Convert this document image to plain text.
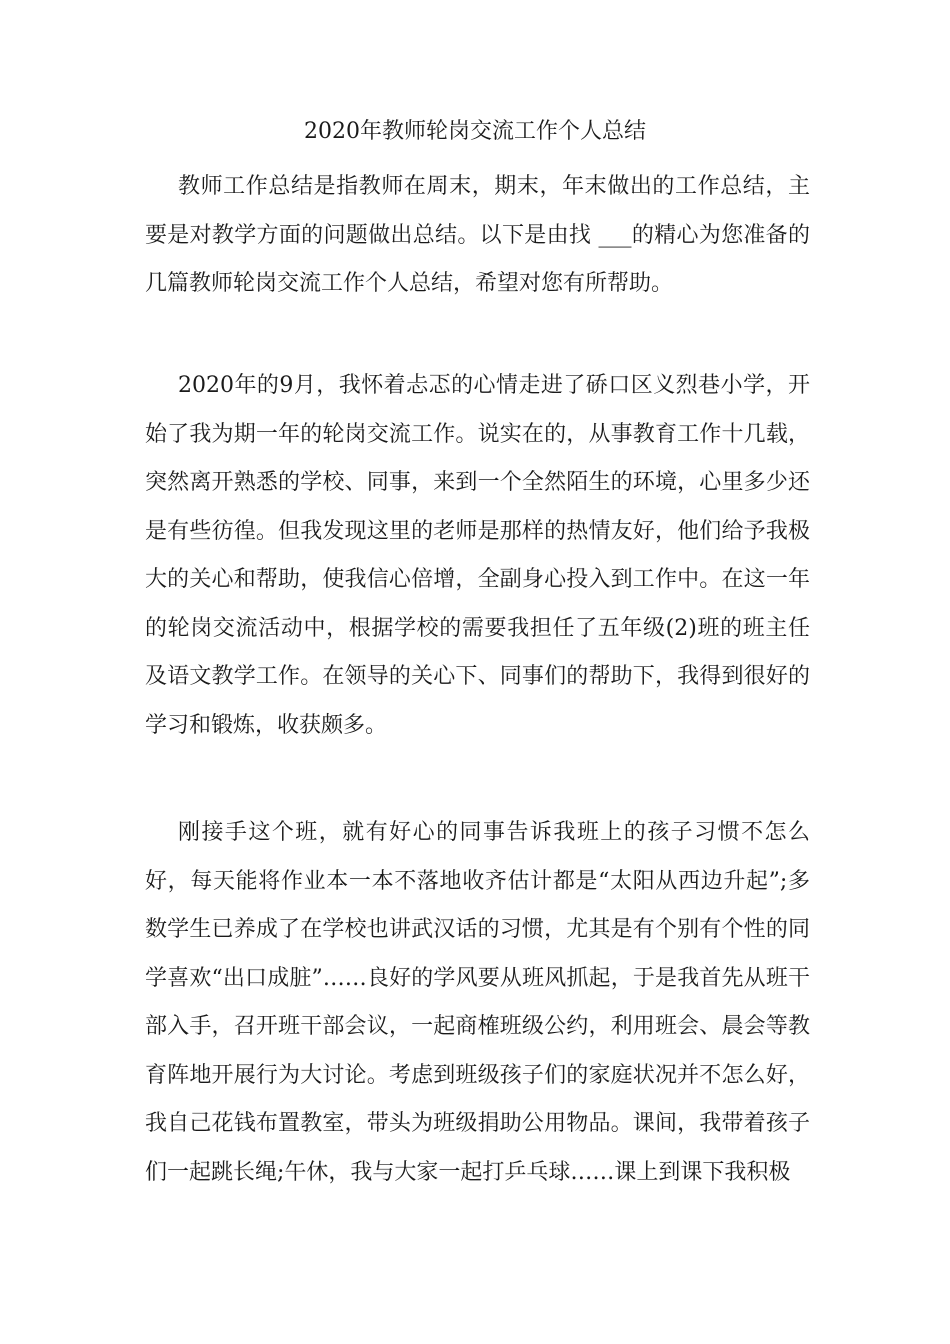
2020年教师轮岗交流工作个人总结

教师工作总结是指教师在周末，期末，年末做出的工作总结，主要是对教学方面的问题做出总结。以下是由找 ___的精心为您准备的几篇教师轮岗交流工作个人总结，希望对您有所帮助。

2020年的9月，我怀着忐忑的心情走进了硚口区义烈巷小学，开始了我为期一年的轮岗交流工作。说实在的，从事教育工作十几载，突然离开熟悉的学校、同事，来到一个全然陌生的环境，心里多少还是有些彷徨。但我发现这里的老师是那样的热情友好，他们给予我极大的关心和帮助，使我信心倍增，全副身心投入到工作中。在这一年的轮岗交流活动中，根据学校的需要我担任了五年级(2)班的班主任及语文教学工作。在领导的关心下、同事们的帮助下，我得到很好的学习和锻炼，收获颇多。

刚接手这个班，就有好心的同事告诉我班上的孩子习惯不怎么好，每天能将作业本一本不落地收齐估计都是“太阳从西边升起”;多数学生已养成了在学校也讲武汉话的习惯，尤其是有个别有个性的同学喜欢“出口成脏”……良好的学风要从班风抓起，于是我首先从班干部入手，召开班干部会议，一起商榷班级公约，利用班会、晨会等教育阵地开展行为大讨论。考虑到班级孩子们的家庭状况并不怎么好，我自己花钱布置教室，带头为班级捐助公用物品。课间，我带着孩子们一起跳长绳;午休，我与大家一起打乒乓球……课上到课下我积极
